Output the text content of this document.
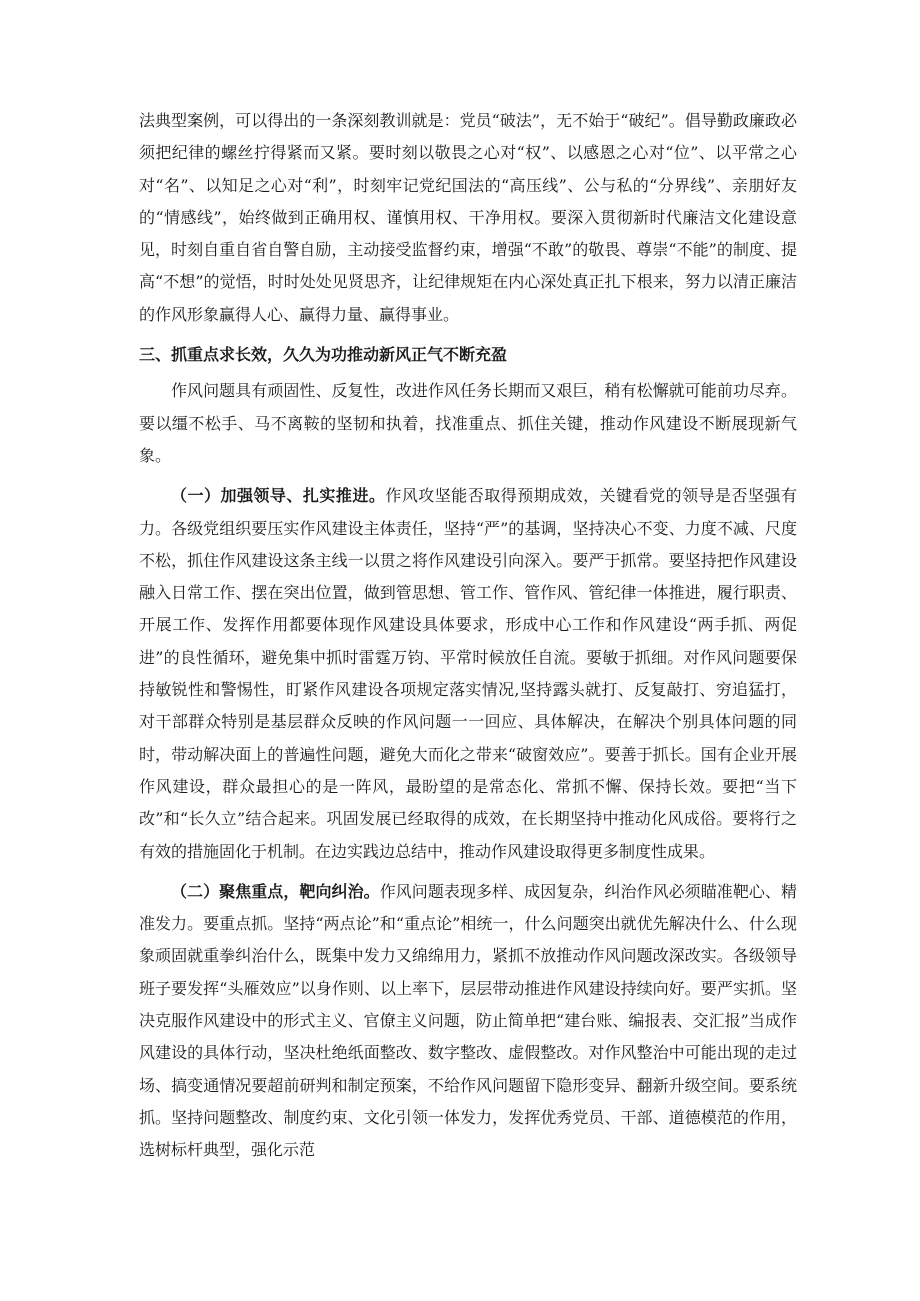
法典型案例，可以得出的一条深刻教训就是：党员“破法”，无不始于“破纪”。倡导勤政廉政必须把纪律的螺丝拧得紧而又紧。要时刻以敬畏之心对“权”、以感恩之心对“位”、以平常之心对“名”、以知足之心对“利”，时刻牢记党纪国法的“高压线”、公与私的“分界线”、亲朋好友的“情感线”，始终做到正确用权、谨慎用权、干净用权。要深入贯彻新时代廉洁文化建设意见，时刻自重自省自警自励，主动接受监督约束，增强“不敢”的敬畏、尊崇“不能”的制度、提高“不想”的觉悟，时时处处见贤思齐，让纪律规矩在内心深处真正扎下根来，努力以清正廉洁的作风形象赢得人心、赢得力量、赢得事业。

三、抓重点求长效，久久为功推动新风正气不断充盈

作风问题具有顽固性、反复性，改进作风任务长期而又艰巨，稍有松懈就可能前功尽弃。要以缰不松手、马不离鞍的坚韧和执着，找准重点、抓住关键，推动作风建设不断展现新气象。

（一）加强领导、扎实推进。作风攻坚能否取得预期成效，关键看党的领导是否坚强有力。各级党组织要压实作风建设主体责任，坚持“严”的基调，坚持决心不变、力度不减、尺度不松，抓住作风建设这条主线一以贯之将作风建设引向深入。要严于抓常。要坚持把作风建设融入日常工作、摆在突出位置，做到管思想、管工作、管作风、管纪律一体推进，履行职责、开展工作、发挥作用都要体现作风建设具体要求，形成中心工作和作风建设“两手抓、两促进”的良性循环，避免集中抓时雷霆万钧、平常时候放任自流。要敏于抓细。对作风问题要保持敏锐性和警惕性，盯紧作风建设各项规定落实情况,坚持露头就打、反复敲打、穷追猛打，对干部群众特别是基层群众反映的作风问题一一回应、具体解决，在解决个别具体问题的同时，带动解决面上的普遍性问题，避免大而化之带来“破窗效应”。要善于抓长。国有企业开展作风建设，群众最担心的是一阵风，最盼望的是常态化、常抓不懈、保持长效。要把“当下改”和“长久立”结合起来。巩固发展已经取得的成效，在长期坚持中推动化风成俗。要将行之有效的措施固化于机制。在边实践边总结中，推动作风建设取得更多制度性成果。

（二）聚焦重点，靶向纠治。作风问题表现多样、成因复杂，纠治作风必须瞄准靶心、精准发力。要重点抓。坚持“两点论”和“重点论”相统一，什么问题突出就优先解决什么、什么现象顽固就重拳纠治什么，既集中发力又绵绵用力，紧抓不放推动作风问题改深改实。各级领导班子要发挥“头雁效应”以身作则、以上率下，层层带动推进作风建设持续向好。要严实抓。坚决克服作风建设中的形式主义、官僚主义问题，防止简单把“建台账、编报表、交汇报”当成作风建设的具体行动，坚决杜绝纸面整改、数字整改、虚假整改。对作风整治中可能出现的走过场、搞变通情况要超前研判和制定预案，不给作风问题留下隐形变异、翻新升级空间。要系统抓。坚持问题整改、制度约束、文化引领一体发力，发挥优秀党员、干部、道德模范的作用，选树标杆典型，强化示范
